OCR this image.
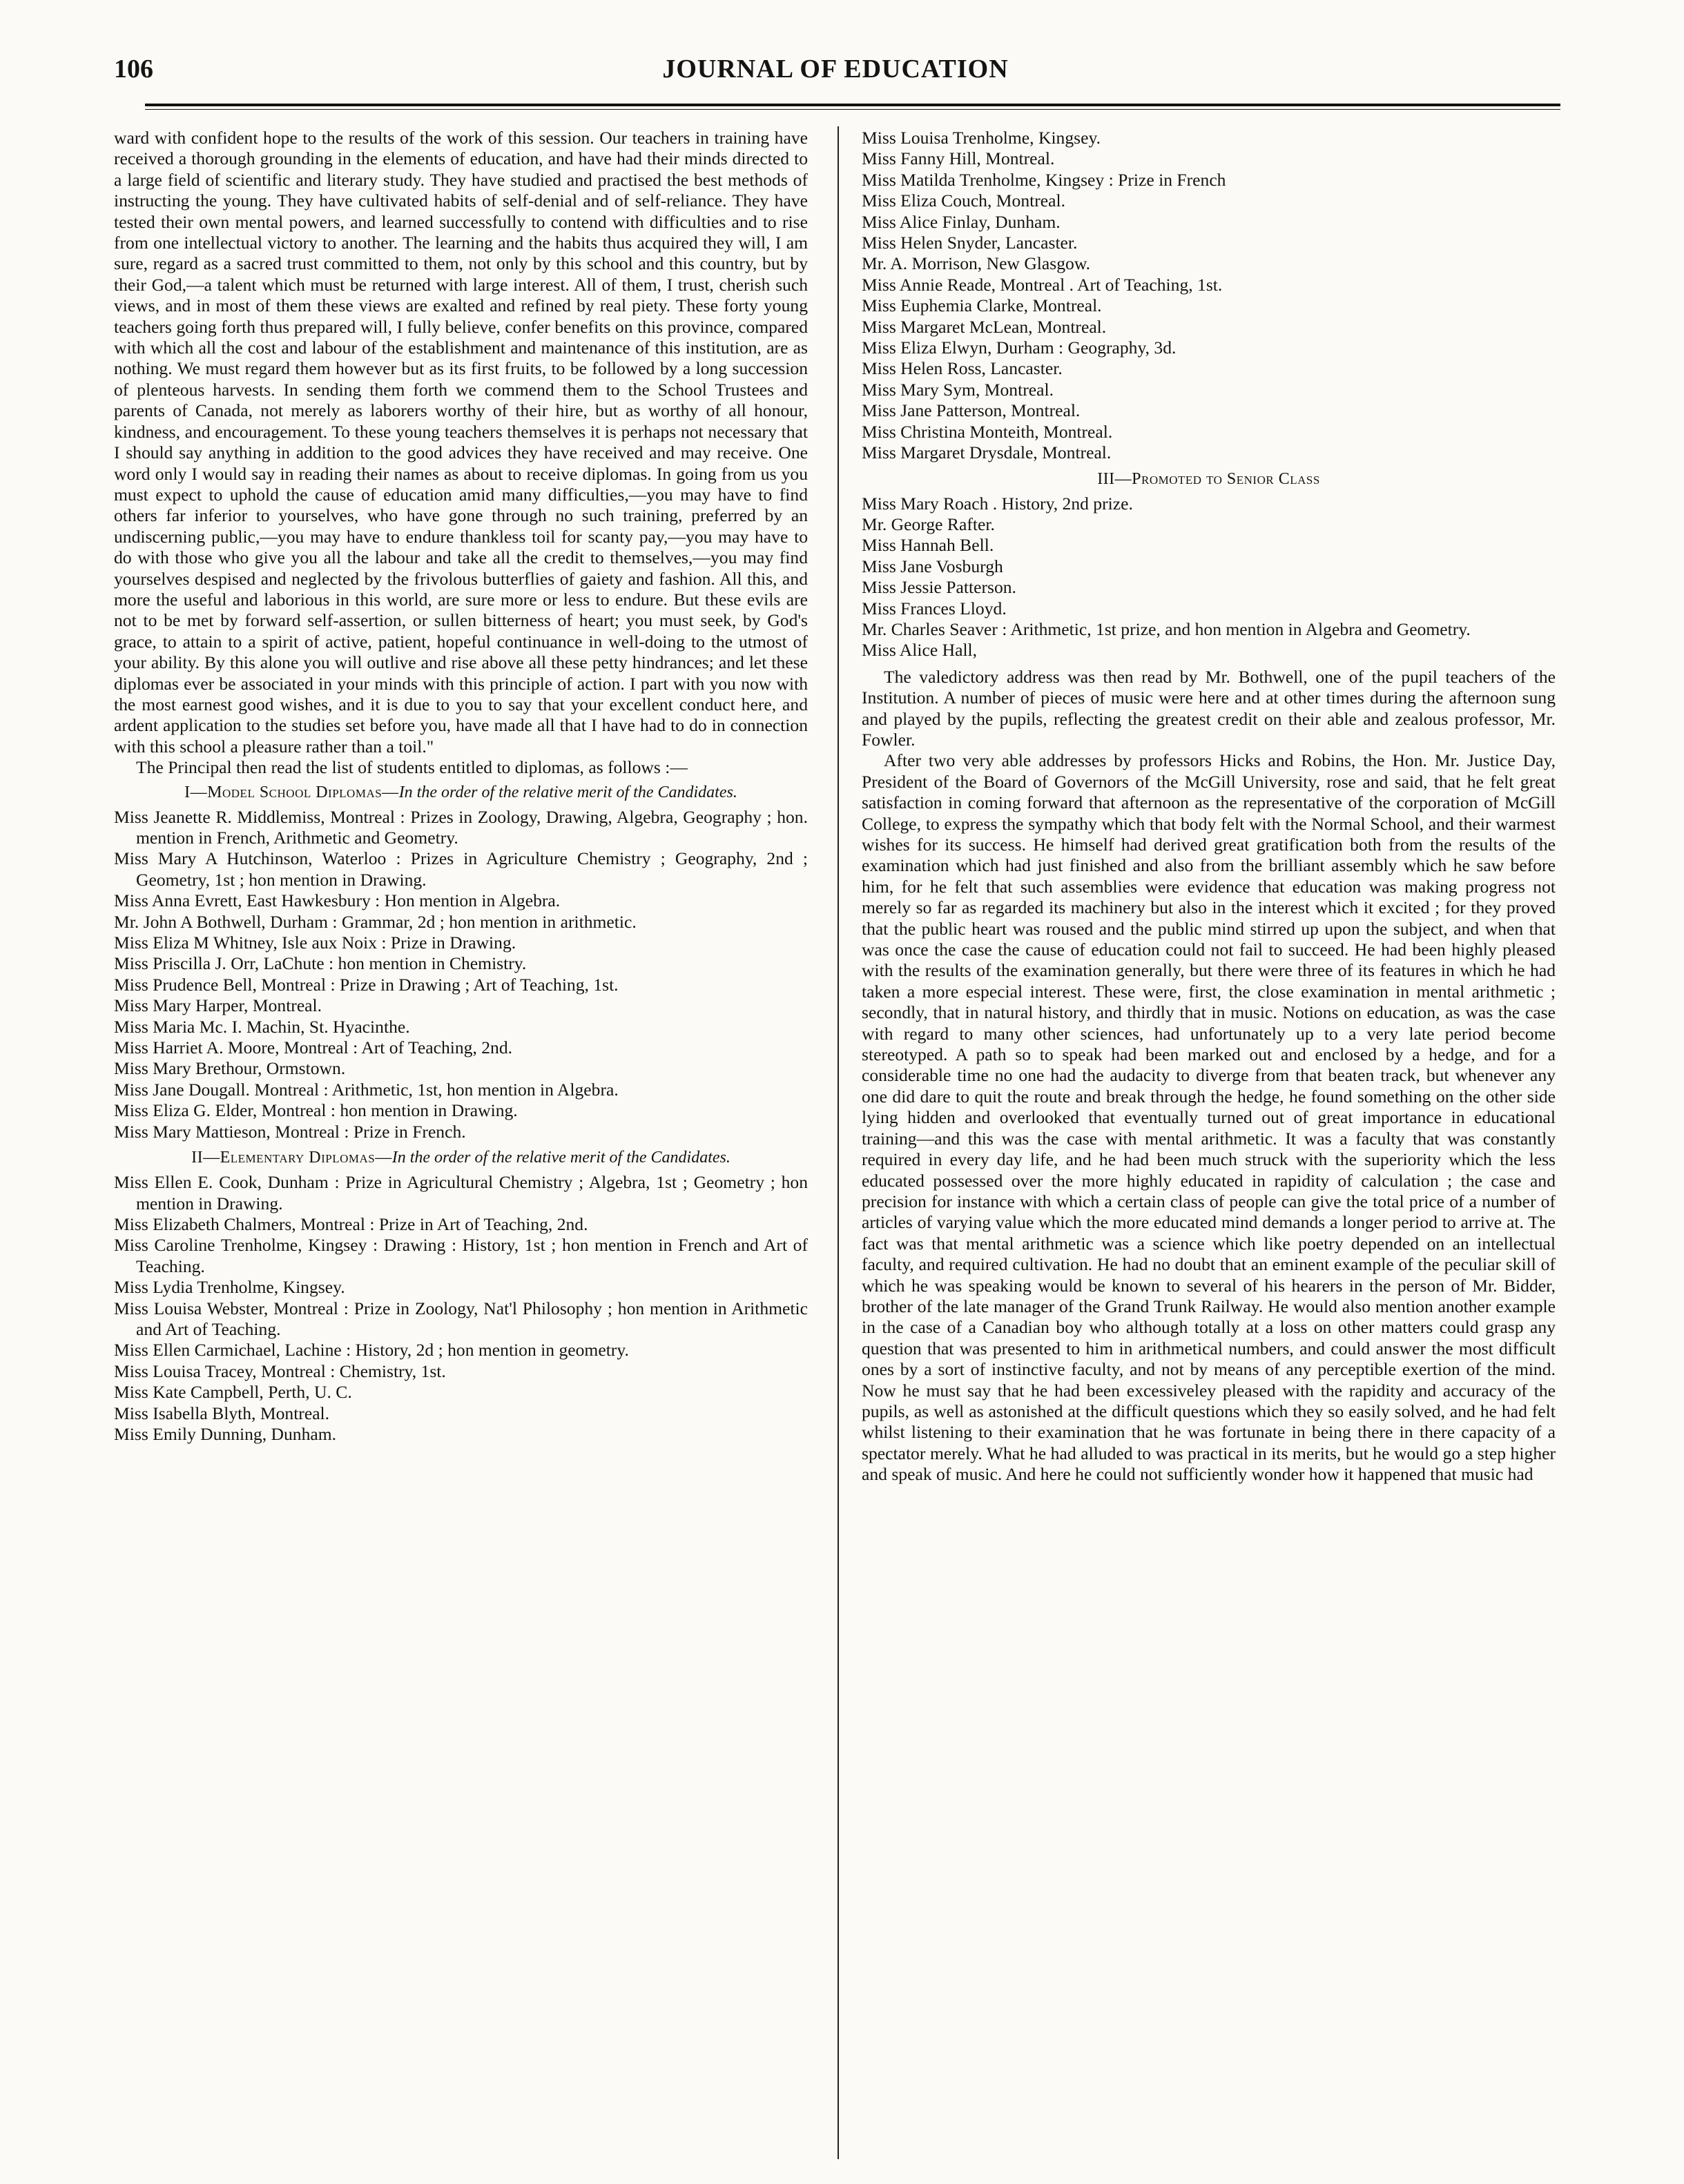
106	JOURNAL OF EDUCATION

ward with confident hope to the results of the work of this session. Our teachers in training have received a thorough grounding in the elements of education, and have had their minds directed to a large field of scientific and literary study. They have studied and practised the best methods of instructing the young. They have cultivated habits of self-denial and of self-reliance. They have tested their own mental powers, and learned successfully to contend with difficulties and to rise from one intellectual victory to another. The learning and the habits thus acquired they will, I am sure, regard as a sacred trust committed to them, not only by this school and this country, but by their God,—a talent which must be returned with large interest. All of them, I trust, cherish such views, and in most of them these views are exalted and refined by real piety. These forty young teachers going forth thus prepared will, I fully believe, confer benefits on this province, compared with which all the cost and labour of the establishment and maintenance of this institution, are as nothing. We must regard them however but as its first fruits, to be followed by a long succession of plenteous harvests. In sending them forth we commend them to the School Trustees and parents of Canada, not merely as laborers worthy of their hire, but as worthy of all honour, kindness, and encouragement. To these young teachers themselves it is perhaps not necessary that I should say anything in addition to the good advices they have received and may receive. One word only I would say in reading their names as about to receive diplomas. In going from us you must expect to uphold the cause of education amid many difficulties,—you may have to find others far inferior to yourselves, who have gone through no such training, preferred by an undiscerning public,—you may have to endure thankless toil for scanty pay,—you may have to do with those who give you all the labour and take all the credit to themselves,—you may find yourselves despised and neglected by the frivolous butterflies of gaiety and fashion. All this, and more the useful and laborious in this world, are sure more or less to endure. But these evils are not to be met by forward self-assertion, or sullen bitterness of heart; you must seek, by God's grace, to attain to a spirit of active, patient, hopeful continuance in well-doing to the utmost of your ability. By this alone you will outlive and rise above all these petty hindrances; and let these diplomas ever be associated in your minds with this principle of action. I part with you now with the most earnest good wishes, and it is due to you to say that your excellent conduct here, and ardent application to the studies set before you, have made all that I have had to do in connection with this school a pleasure rather than a toil."

The Principal then read the list of students entitled to diplomas, as follows :—

I—Model School Diplomas—In the order of the relative merit of the Candidates.

Miss Jeanette R. Middlemiss, Montreal : Prizes in Zoology, Drawing, Algebra, Geography ; hon. mention in French, Arithmetic and Geometry.
Miss Mary A Hutchinson, Waterloo : Prizes in Agriculture Chemistry ; Geography, 2nd ; Geometry, 1st ; hon mention in Drawing.
Miss Anna Evrett, East Hawkesbury : Hon mention in Algebra.
Mr. John A Bothwell, Durham : Grammar, 2d ; hon mention in arithmetic.
Miss Eliza M Whitney, Isle aux Noix : Prize in Drawing.
Miss Priscilla J. Orr, LaChute : hon mention in Chemistry.
Miss Prudence Bell, Montreal : Prize in Drawing ; Art of Teaching, 1st.
Miss Mary Harper, Montreal.
Miss Maria Mc. I. Machin, St. Hyacinthe.
Miss Harriet A. Moore, Montreal : Art of Teaching, 2nd.
Miss Mary Brethour, Ormstown.
Miss Jane Dougall. Montreal : Arithmetic, 1st, hon mention in Algebra.
Miss Eliza G. Elder, Montreal : hon mention in Drawing.
Miss Mary Mattieson, Montreal : Prize in French.

II—Elementary Diplomas—In the order of the relative merit of the Candidates.

Miss Ellen E. Cook, Dunham : Prize in Agricultural Chemistry ; Algebra, 1st ; Geometry ; hon mention in Drawing.
Miss Elizabeth Chalmers, Montreal : Prize in Art of Teaching, 2nd.
Miss Caroline Trenholme, Kingsey : Drawing : History, 1st ; hon mention in French and Art of Teaching.
Miss Lydia Trenholme, Kingsey.
Miss Louisa Webster, Montreal : Prize in Zoology, Nat'l Philosophy ; hon mention in Arithmetic and Art of Teaching.
Miss Ellen Carmichael, Lachine : History, 2d ; hon mention in geometry.
Miss Louisa Tracey, Montreal : Chemistry, 1st.
Miss Kate Campbell, Perth, U. C.
Miss Isabella Blyth, Montreal.
Miss Emily Dunning, Dunham.
Miss Louisa Trenholme, Kingsey.
Miss Fanny Hill, Montreal.
Miss Matilda Trenholme, Kingsey : Prize in French
Miss Eliza Couch, Montreal.
Miss Alice Finlay, Dunham.
Miss Helen Snyder, Lancaster.
Mr. A. Morrison, New Glasgow.
Miss Annie Reade, Montreal . Art of Teaching, 1st.
Miss Euphemia Clarke, Montreal.
Miss Margaret McLean, Montreal.
Miss Eliza Elwyn, Durham : Geography, 3d.
Miss Helen Ross, Lancaster.
Miss Mary Sym, Montreal.
Miss Jane Patterson, Montreal.
Miss Christina Monteith, Montreal.
Miss Margaret Drysdale, Montreal.

III—Promoted to Senior Class

Miss Mary Roach . History, 2nd prize.
Mr. George Rafter.
Miss Hannah Bell.
Miss Jane Vosburgh
Miss Jessie Patterson.
Miss Frances Lloyd.
Mr. Charles Seaver : Arithmetic, 1st prize, and hon mention in Algebra and Geometry.
Miss Alice Hall,

The valedictory address was then read by Mr. Bothwell, one of the pupil teachers of the Institution. A number of pieces of music were here and at other times during the afternoon sung and played by the pupils, reflecting the greatest credit on their able and zealous professor, Mr. Fowler.

After two very able addresses by professors Hicks and Robins, the Hon. Mr. Justice Day, President of the Board of Governors of the McGill University, rose and said, that he felt great satisfaction in coming forward that afternoon as the representative of the corporation of McGill College, to express the sympathy which that body felt with the Normal School, and their warmest wishes for its success. He himself had derived great gratification both from the results of the examination which had just finished and also from the brilliant assembly which he saw before him, for he felt that such assemblies were evidence that education was making progress not merely so far as regarded its machinery but also in the interest which it excited ; for they proved that the public heart was roused and the public mind stirred up upon the subject, and when that was once the case the cause of education could not fail to succeed. He had been highly pleased with the results of the examination generally, but there were three of its features in which he had taken a more especial interest. These were, first, the close examination in mental arithmetic ; secondly, that in natural history, and thirdly that in music. Notions on education, as was the case with regard to many other sciences, had unfortunately up to a very late period become stereotyped. A path so to speak had been marked out and enclosed by a hedge, and for a considerable time no one had the audacity to diverge from that beaten track, but whenever any one did dare to quit the route and break through the hedge, he found something on the other side lying hidden and overlooked that eventually turned out of great importance in educational training—and this was the case with mental arithmetic. It was a faculty that was constantly required in every day life, and he had been much struck with the superiority which the less educated possessed over the more highly educated in rapidity of calculation ; the case and precision for instance with which a certain class of people can give the total price of a number of articles of varying value which the more educated mind demands a longer period to arrive at. The fact was that mental arithmetic was a science which like poetry depended on an intellectual faculty, and required cultivation. He had no doubt that an eminent example of the peculiar skill of which he was speaking would be known to several of his hearers in the person of Mr. Bidder, brother of the late manager of the Grand Trunk Railway. He would also mention another example in the case of a Canadian boy who although totally at a loss on other matters could grasp any question that was presented to him in arithmetical numbers, and could answer the most difficult ones by a sort of instinctive faculty, and not by means of any perceptible exertion of the mind. Now he must say that he had been excessiveley pleased with the rapidity and accuracy of the pupils, as well as astonished at the difficult questions which they so easily solved, and he had felt whilst listening to their examination that he was fortunate in being there in there capacity of a spectator merely. What he had alluded to was practical in its merits, but he would go a step higher and speak of music. And here he could not sufficiently wonder how it happened that music had
